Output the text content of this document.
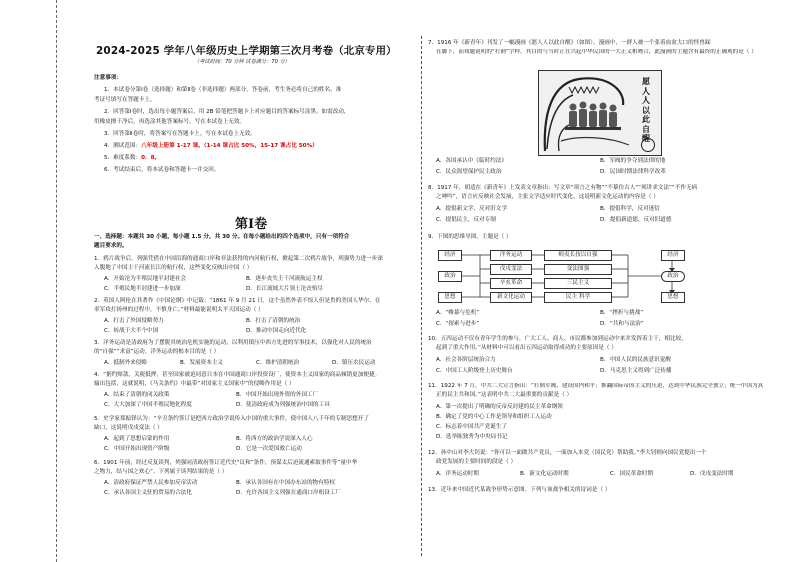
2024-2025 学年八年级历史上学期第三次月考卷（北京专用）
（考试时间：70 分钟 试卷满分：70 分）
注意事项：
1．本试卷分第Ⅰ卷（选择题）和第Ⅱ卷（非选择题）两部分。答卷前，考生务必将自己的姓名、准
考证号填写在答题卡上。
2．回答第Ⅰ卷时，选出每小题答案后，用 2B 铅笔把答题卡上对应题目的答案标号涂黑。如需改动，
用橡皮擦干净后，再选涂其他答案标号。写在本试卷上无效。
3．回答第Ⅱ卷时，将答案写在答题卡上。写在本试卷上无效。
4．测试范围：八年级上册第 1-17 课。（1-14 课占比 50%，15-17 课占比 50%）
5．难度系数：0．8。
6．考试结束后，将本试卷和答题卡一并交回。
第Ⅰ卷
一、选择题：本题共 30 小题，每小题 1.5 分，共 30 分。在每小题给出的四个选项中，只有一项符合
题目要求的。
1．鸦片战争后，列强凭借在中国沿海的通商口岸和非法获得的内河航行权，掀起第二次鸦片战争，列强势力进一步深
入腹地了中国主干河流长江的航行权，这些变化反映出中国（ ）
A．开始沦为半殖民地半封建社会	B．逐步丧失主干河流航运主权
C．半殖民地半封建进一步加深	D．长江流域大片领土沦丧殆尽
2．英国人阿伦在其著作《中国论纲》中记载：“1861 年 9 月 21 日，这个虽然外表不惊人但是贵的美国人华尔，在
率军攻打扬州的过程中，不慎身亡。”材料最能说明太平天国运动（ ）
A．打击了外国侵略势力	B．打击了清朝的统治
C．转战于大半个中国	D．推动中国走向近代化
3．洋务运动是清政府为了摆脱其统治危机实施的运动，以利用镇压中西方先进的军事技术，以强化对人民的统治
的“自强”“求富”运动。洋务运动的根本目的是（ ）
A．抵制外来侵略	B．发展资本主义	C．维护清朝统治	D．镇压农民运动
4．“据约赔款，关税抵押，甚至国家被迫同意日本在中国通商口岸投资设厂，使资本主义国家的商品倾销更加便捷。
输出包括，这就说明，《马关条约》中最带“对国家主义国家中”的侵略作用是（ ）
A．结束了清朝的闭关政策	B．中国开始出现外资的外国工厂
C．大大加深了中国半殖民地化程度	D．使清政府成为列强统治中国的工具
5．史学家郑振铎认为：“辛丑条约签订是把西方政治学说传入中国的重大事件，使中国人八千年的专制思想开了
缺口，这说明戊戌变法（ ）
A．起到了思想启蒙的作用	B．将西方的政治学说深入人心
C．中国开始出现资产阶级	D．它是一次爱国救亡运动
6．1901 年前，经过反复谈判，列强同清政府签订近代史“议和”条件，预谋太后迫流通索取事件等”量中华
之物力，结与国之欢心”。下列属于谈判结果的是（ ）
A．清政府保证严禁人民参加反帝活动	B．承认各国有在中国办东站的物有特权
C．承认各国主义驻的贸易的合法化	D．允许各国主义列强在通商口岸租设工厂
7．1916 年《新青年》刊发了一幅漫画《愿人人以此自醒》（如图）。漫画中，一群人被一个张着血盆大口的怪兽踩
在脚下，而戏题说明的“打倒”字样，其目的与当时正在兴起中华民国的一大正义相吻合，此漫画的主题含有最终的正确观的是（ ）
愿
人
人
以
此
自
醒
A．各国承认中《临时约法》	B．军阀的争夺到法律的地
C．民众渴望保护民主政治	D．民国时期法律科学改革
8．1917 年，胡适在《新青年》上发表文章指出：写文章“须言之有物”“不摹仿古人”“须讲求文法”“不作无病
之呻吟”，语言应反映社会发展，主张文学适应时代变化，这说明新文化运动的内容是（ ）
A．提倡新文学，反对旧文学	B．提倡科学，反对迷信
C．提倡民主，反对专制	D．提倡新道德，反对旧道德
9．下图的思维导图，主题是（ ）
经济
政治
思想
洋务运动
戊戌变法
辛亥革命
新文化运动
师夷长技以自强
变法图强
三民主义
民主 科学
经济
政治
思想
A．“帷幕与危机”	B．“挫折与挑战”
C．“探索与进步”	D．“共和与法治”
10．五四运动不仅有青年学生的参与，广大工人、商人、市民都参加到运动中来并发挥着主干，相比较，
起到了重大作用。”从材料中可以看出五四运动取得成功的主要原因是（ ）
A．社会各阶层统治合力	B．中国人民的民族意识觉醒
C．中国工人阶级登上历史舞台	D．马克思主义得到广泛传播
11．1922 年 7 月，中共二大宣言指出：“打倒军阀，建设国内和平；推翻国际帝国主义的压迫，达到中华民族完全独立；统一中国为真
正的民主共和国。”这表明中共二大最重要的贡献是（ ）
A．第一次提出了明确的反帝反封建的民主革命纲领
B．确定了党的中心工作是领导和组织工人运动
C．标志着中国共产党诞生了
D．选举陈独秀为中央局书记
12．孙中山对李大钊说：“你可以一面做共产党员，一面加入本党（国民党）帮助我。”李大钊则向国民党提出一个
政党发展的主要时间的段是（ ）
A．洋务运动时期	B．新文化运动时期	C．国民革命时期	D．戊戌变法时期
13．近年来中国近代某战争形势示意图。下列与该战争相关的诗词是（ ）
